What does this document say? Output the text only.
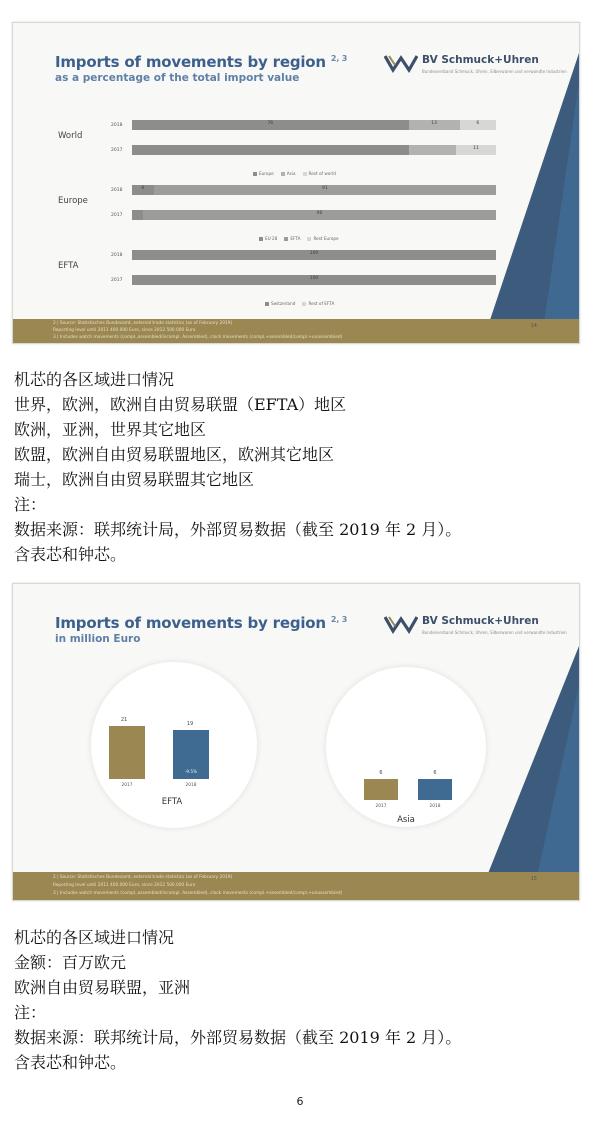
Imports of movements by region $^{2, 3}$
as a percentage of the total import value
BV Schmuck+Uhren
Bundesverband Schmuck, Uhren, Silberwaren und verwandte Industrien
World
2018	76	13	6
2017	11
Europe	Asia	Rest of world
Europe
2018	6	91
2017	96
EU 28	EFTA	Rest Europe
EFTA
2018	100
2017	100
Switzerland	Rest of EFTA
2 | Source: Statistisches Bundesamt, external trade statistics (as of February 2019)
Reporting level until 2011 400.000 Euro, since 2012 500.000 Euro
3 | Includes watch movements (compl.,assembled/incompl. Assembled), clock movements (compl.+assembled/compl.+unassembled)
14
机芯的各区域进口情况
世界，欧洲，欧洲自由贸易联盟（EFTA）地区
欧洲，亚洲，世界其它地区
欧盟，欧洲自由贸易联盟地区，欧洲其它地区
瑞士，欧洲自由贸易联盟其它地区
注：
数据来源：联邦统计局，外部贸易数据（截至 2019 年 2 月）。
含表芯和钟芯。
Imports of movements by region $^{2, 3}$
in million Euro
BV Schmuck+Uhren
Bundesverband Schmuck, Uhren, Silberwaren und verwandte Industrien
21
2017
19
-9.5%
2018
EFTA
6
2017
6
2018
Asia
2 | Source: Statistisches Bundesamt, external trade statistics (as of February 2019)
Reporting level until 2011 400.000 Euro, since 2012 500.000 Euro
3 | Includes watch movements (compl.,assembled/incompl. Assembled), clock movements (compl.+assembled/compl.+unassembled)
15
机芯的各区域进口情况
金额：百万欧元
欧洲自由贸易联盟，亚洲
注：
数据来源：联邦统计局，外部贸易数据（截至 2019 年 2 月）。
含表芯和钟芯。
6
